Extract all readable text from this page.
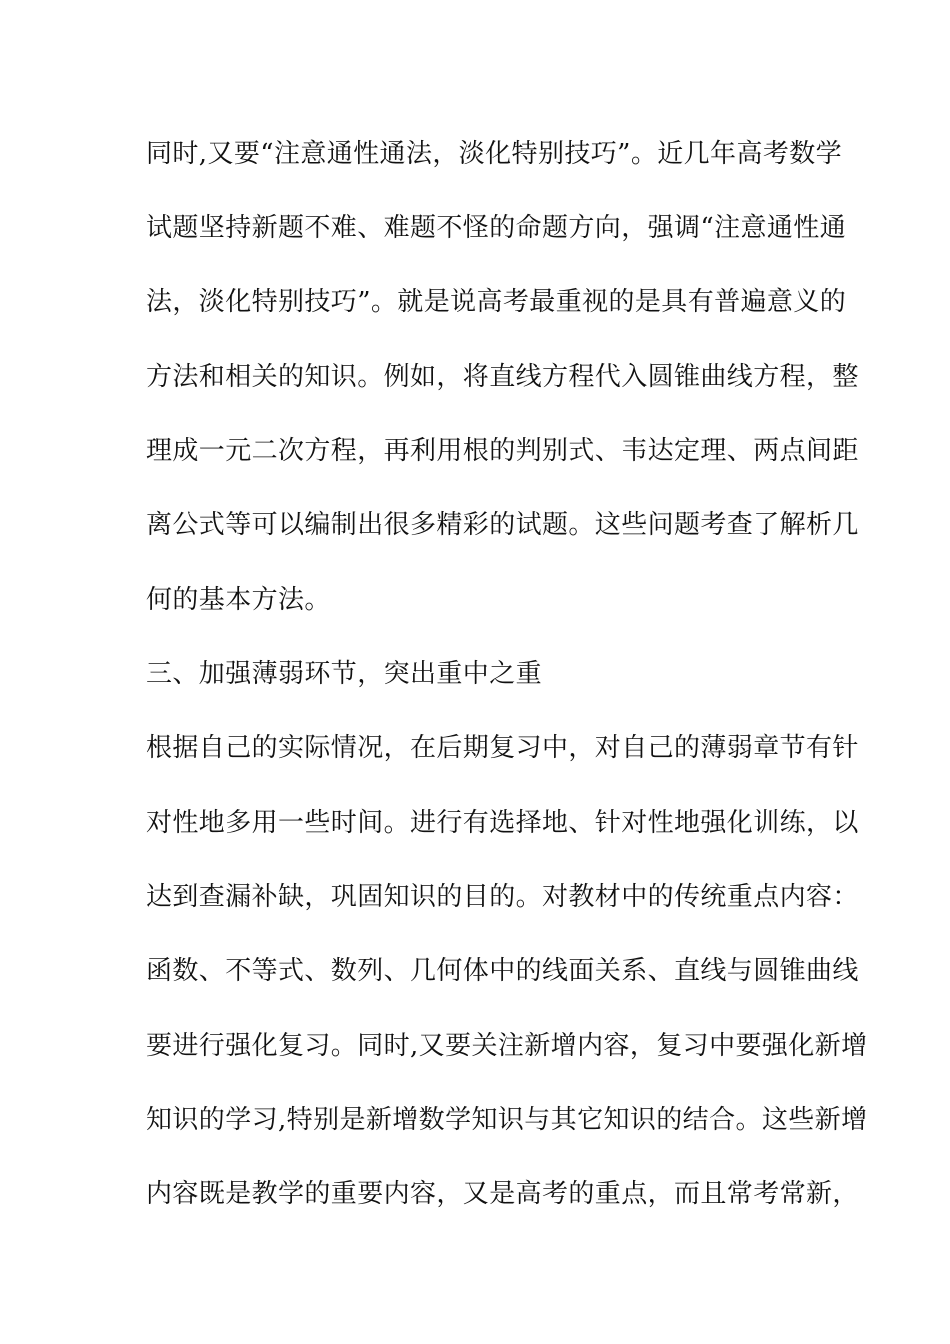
同时,又要“注意通性通法，淡化特别技巧”。近几年高考数学

试题坚持新题不难、难题不怪的命题方向，强调“注意通性通

法，淡化特别技巧”。就是说高考最重视的是具有普遍意义的

方法和相关的知识。例如，将直线方程代入圆锥曲线方程，整

理成一元二次方程，再利用根的判别式、韦达定理、两点间距

离公式等可以编制出很多精彩的试题。这些问题考查了解析几

何的基本方法。

三、加强薄弱环节，突出重中之重

根据自己的实际情况，在后期复习中，对自己的薄弱章节有针

对性地多用一些时间。进行有选择地、针对性地强化训练，以

达到查漏补缺，巩固知识的目的。对教材中的传统重点内容：

函数、不等式、数列、几何体中的线面关系、直线与圆锥曲线

要进行强化复习。同时,又要关注新增内容，复习中要强化新增

知识的学习,特别是新增数学知识与其它知识的结合。这些新增

内容既是教学的重要内容，又是高考的重点，而且常考常新，
